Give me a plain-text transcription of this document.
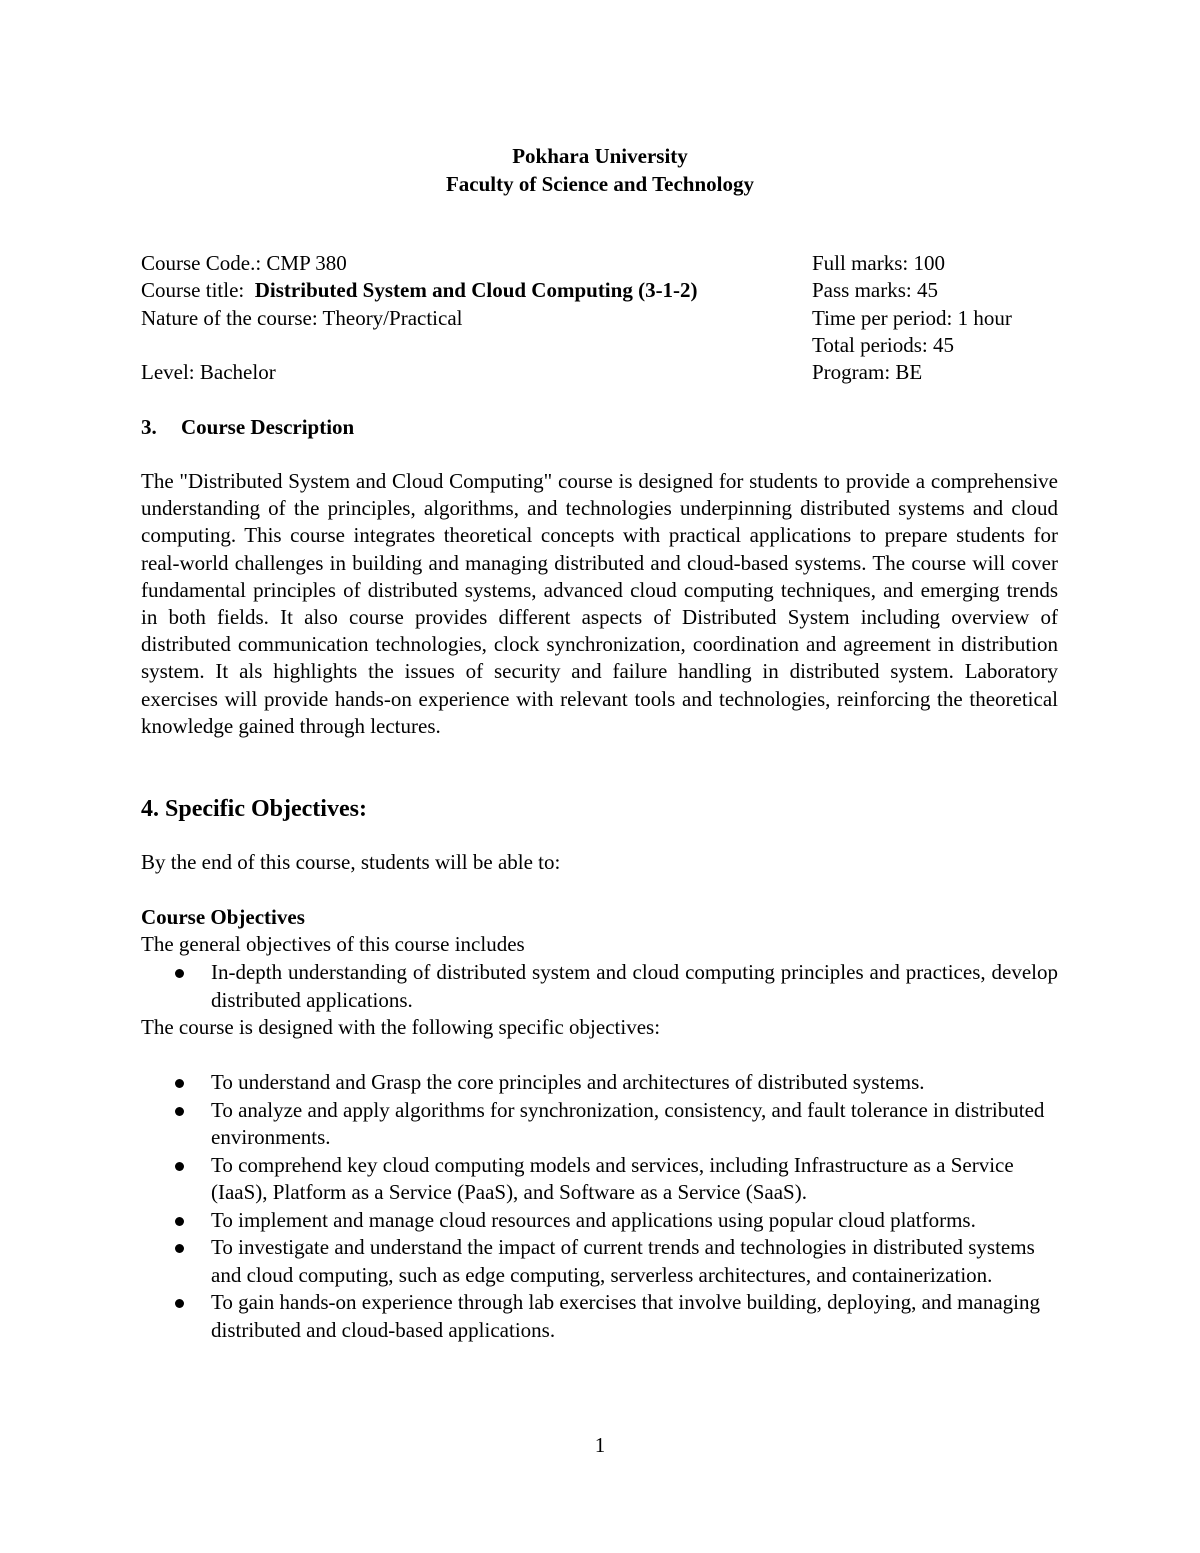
Pokhara University
Faculty of Science and Technology
Course Code.: CMP 380
Course title:  Distributed System and Cloud Computing (3-1-2)
Nature of the course: Theory/Practical
Level: Bachelor
Full marks: 100
Pass marks: 45
Time per period: 1 hour
Total periods: 45
Program: BE
3. Course Description
The "Distributed System and Cloud Computing" course is designed for students to provide a comprehensive understanding of the principles, algorithms, and technologies underpinning distributed systems and cloud computing. This course integrates theoretical concepts with practical applications to prepare students for real-world challenges in building and managing distributed and cloud-based systems. The course will cover fundamental principles of distributed systems, advanced cloud computing techniques, and emerging trends in both fields. It also course provides different aspects of Distributed System including overview of distributed communication technologies, clock synchronization, coordination and agreement in distribution system. It als highlights the issues of security and failure handling in distributed system. Laboratory exercises will provide hands-on experience with relevant tools and technologies, reinforcing the theoretical knowledge gained through lectures.
4. Specific Objectives:
By the end of this course, students will be able to:
Course Objectives
The general objectives of this course includes
In-depth understanding of distributed system and cloud computing principles and practices, develop distributed applications.
The course is designed with the following specific objectives:
To understand and Grasp the core principles and architectures of distributed systems.
To analyze and apply algorithms for synchronization, consistency, and fault tolerance in distributed environments.
To comprehend key cloud computing models and services, including Infrastructure as a Service (IaaS), Platform as a Service (PaaS), and Software as a Service (SaaS).
To implement and manage cloud resources and applications using popular cloud platforms.
To investigate and understand the impact of current trends and technologies in distributed systems and cloud computing, such as edge computing, serverless architectures, and containerization.
To gain hands-on experience through lab exercises that involve building, deploying, and managing distributed and cloud-based applications.
1
